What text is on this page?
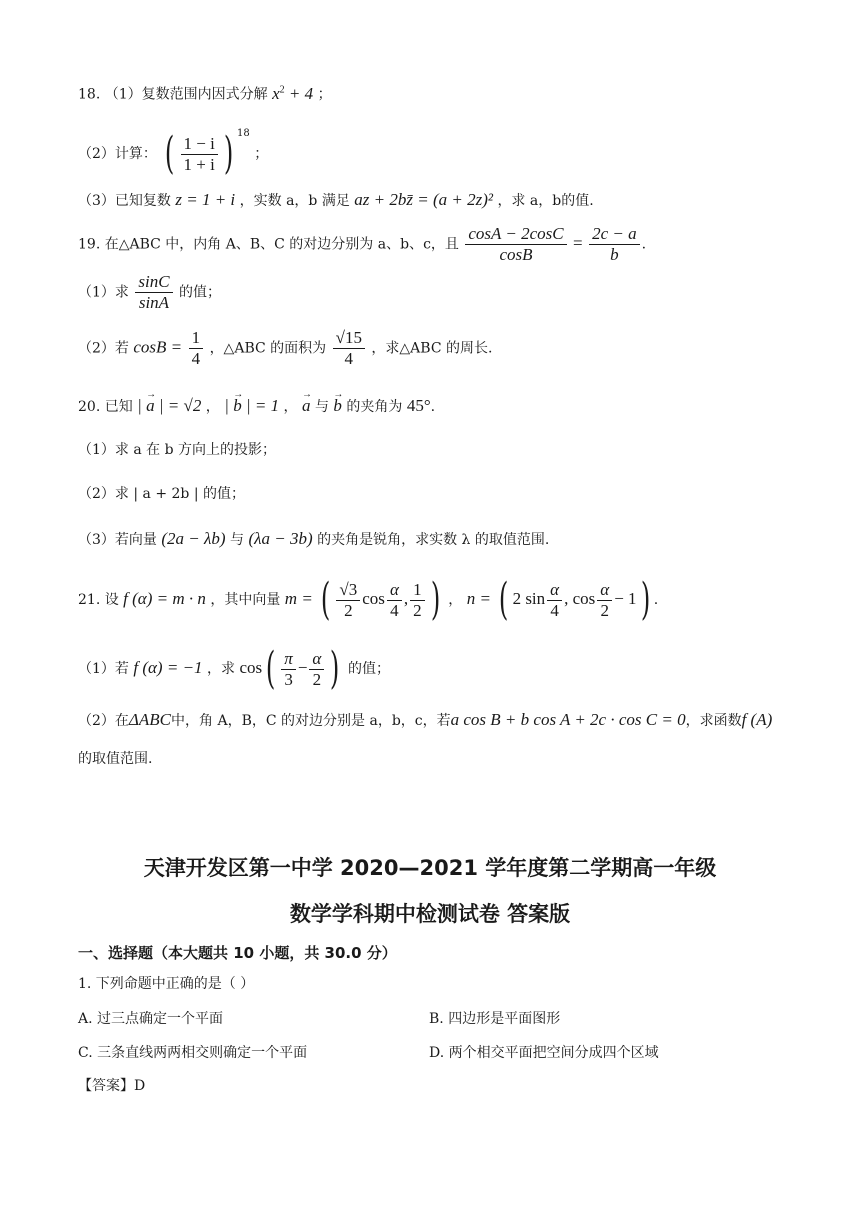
18. （1）复数范围内因式分解 $x^2 + 4$ ；
（2）计算： ( $\frac{1 - i}{1 + i}$ ) $^{18}$ ；
（3）已知复数 z = 1 + i ，实数 a，b 满足 az + 2bz̄ = (a + 2z)² ，求 a，b的值.
19. 在△ABC 中，内角 A、B、C 的对边分别为 a、b、c，且 $\frac{\cos A - 2\cos C}{\cos B} = \frac{2c - a}{b}$ .
（1）求 $\frac{\sin C}{\sin A}$ 的值；
（2）若 $\cos B = \frac{1}{4}$ ，△ABC 的面积为 $\frac{√15}{4}$ ，求△ABC 的周长.
20. 已知 | → a | = √2 ， | → b | = 1 ， → a 与 → b 的夹角为 45°.
（1）求 a 在 b 方向上的投影；
（2）求 | a + 2b | 的值；
（3）若向量 (2a − λb) 与 (λa − 3b) 的夹角是锐角，求实数 λ 的取值范围.
21. 设 f (α) = m · n ，其中向量 m = ( $\frac{√3}{2}$ $\cos \frac{\alpha}{4}$ , $\frac{1}{2}$ ) ， n = ( 2 $\sin \frac{\alpha}{4}$ , $\cos \frac{\alpha}{2} - 1$) .
（1）若 f (α) = −1 ，求 $\cos( \frac{\pi}{3} - \frac{\alpha}{2}$ ) 的值；
（2）在ΔABC中，角 A，B，C 的对边分别是 a，b，c，若a cos B + b cos A + 2c · cos C = 0，求函数f (A)
的取值范围.
天津开发区第一中学 2020—2021 学年度第二学期高一年级
数学学科期中检测试卷 答案版
一、选择题（本大题共 10 小题，共 30.0 分）
1. 下列命题中正确的是（ ）
A. 过三点确定一个平面	B. 四边形是平面图形
C. 三条直线两两相交则确定一个平面	D. 两个相交平面把空间分成四个区域
【答案】D
